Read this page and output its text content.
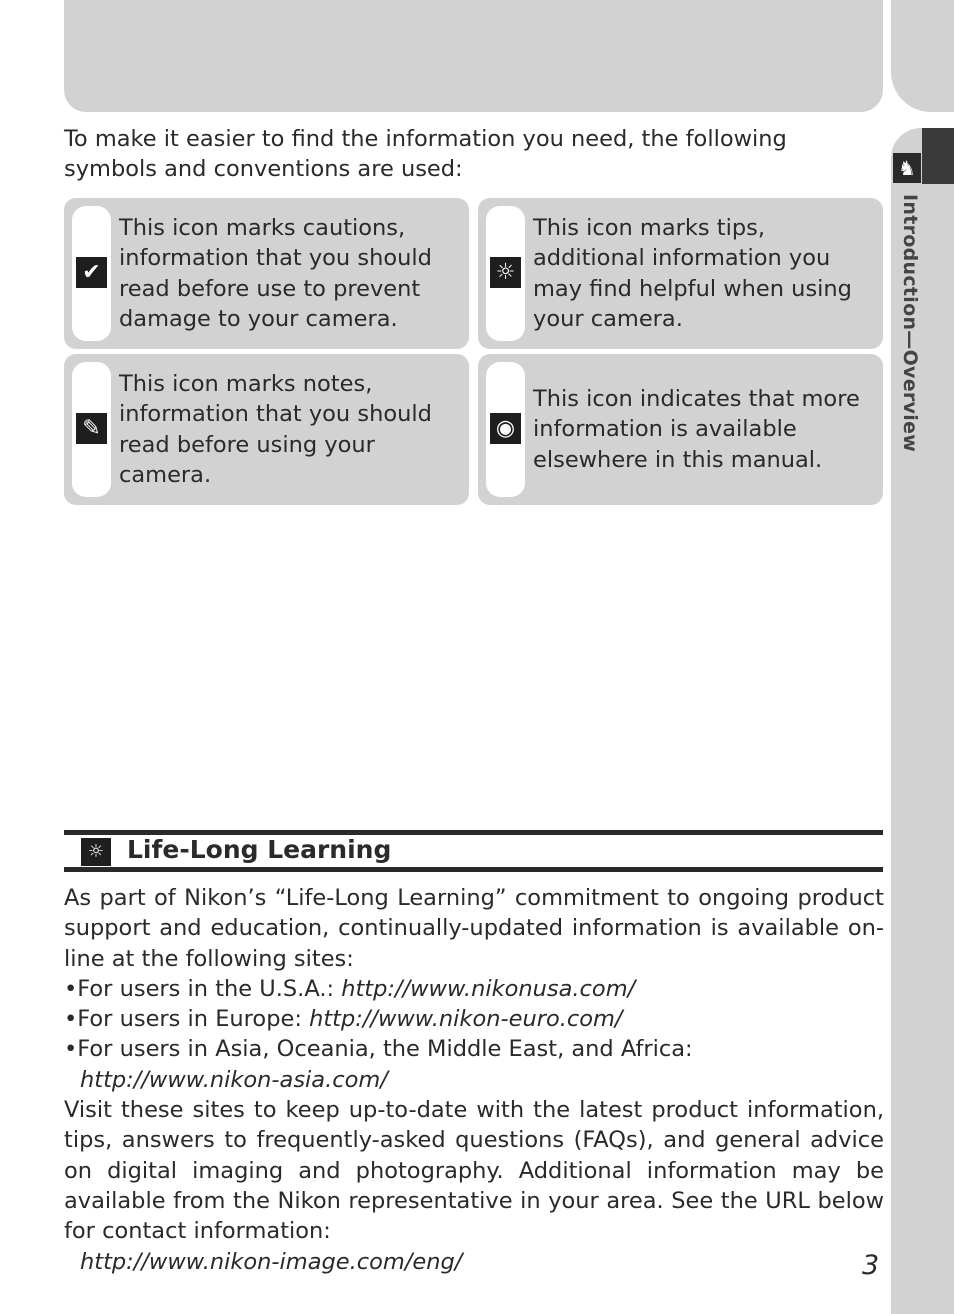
♞
Introduction—Overview

To make it easier to find the information you need, the following symbols and conventions are used:

✔

This icon marks cautions, information that you should read before use to prevent damage to your camera.

☼

This icon marks tips, additional information you may find helpful when using your camera.

✎

This icon marks notes, information that you should read before using your camera.

◉

This icon indicates that more information is available elsewhere in this manual.

☼ Life-Long Learning

As part of Nikon’s “Life-Long Learning” commitment to ongoing product support and education, continually-updated information is available on-line at the following sites:

•For users in the U.S.A.: http://www.nikonusa.com/
•For users in Europe: http://www.nikon-euro.com/
•For users in Asia, Oceania, the Middle East, and Africa:
http://www.nikon-asia.com/

Visit these sites to keep up-to-date with the latest product information, tips, answers to frequently-asked questions (FAQs), and general advice on digital imaging and photography. Additional information may be available from the Nikon representative in your area. See the URL below for contact information:

http://www.nikon-image.com/eng/	3
